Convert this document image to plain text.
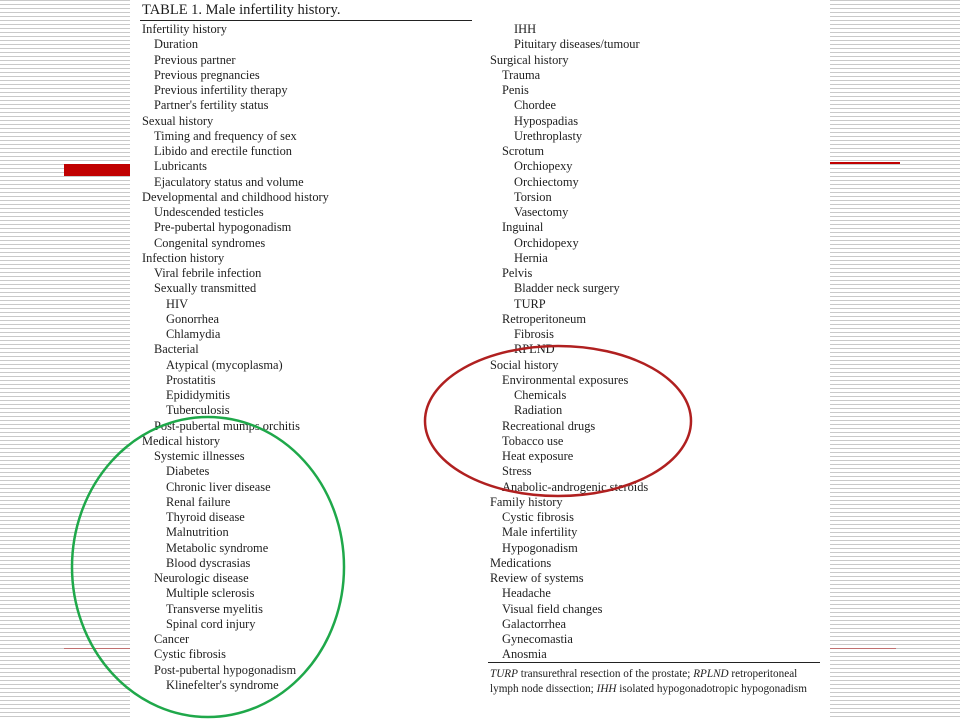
TABLE 1. Male infertility history.
Infertility history
Duration
Previous partner
Previous pregnancies
Previous infertility therapy
Partner's fertility status
Sexual history
Timing and frequency of sex
Libido and erectile function
Lubricants
Ejaculatory status and volume
Developmental and childhood history
Undescended testicles
Pre-pubertal hypogonadism
Congenital syndromes
Infection history
Viral febrile infection
Sexually transmitted
HIV
Gonorrhea
Chlamydia
Bacterial
Atypical (mycoplasma)
Prostatitis
Epididymitis
Tuberculosis
Post-pubertal mumps orchitis
Medical history
Systemic illnesses
Diabetes
Chronic liver disease
Renal failure
Thyroid disease
Malnutrition
Metabolic syndrome
Blood dyscrasias
Neurologic disease
Multiple sclerosis
Transverse myelitis
Spinal cord injury
Cancer
Cystic fibrosis
Post-pubertal hypogonadism
Klinefelter's syndrome
IHH
Pituitary diseases/tumour
Surgical history
Trauma
Penis
Chordee
Hypospadias
Urethroplasty
Scrotum
Orchiopexy
Orchiectomy
Torsion
Vasectomy
Inguinal
Orchidopexy
Hernia
Pelvis
Bladder neck surgery
TURP
Retroperitoneum
Fibrosis
RPLND
Social history
Environmental exposures
Chemicals
Radiation
Recreational drugs
Tobacco use
Heat exposure
Stress
Anabolic-androgenic steroids
Family history
Cystic fibrosis
Male infertility
Hypogonadism
Medications
Review of systems
Headache
Visual field changes
Galactorrhea
Gynecomastia
Anosmia
TURP transurethral resection of the prostate; RPLND retroperitoneal lymph node dissection; IHH isolated hypogonadotropic hypogonadism
